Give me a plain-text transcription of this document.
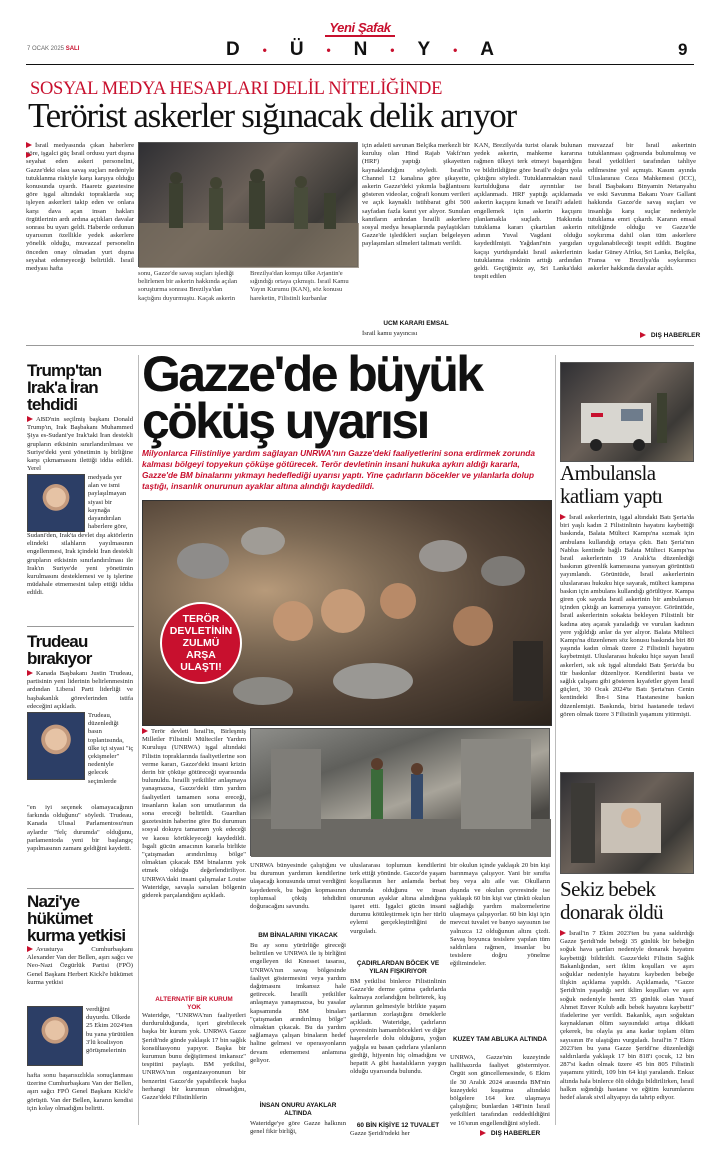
7 OCAK 2025 SALI
Yeni Şafak
D • Ü • N • Y • A	9
SOSYAL MEDYA HESAPLARI DELİL NİTELİĞİNDE
Terörist askerler sığınacak delik arıyor
İsrail medyasında çıkan haberlere göre, işgalci güç İsrail ordusu yurt dışına seyahat eden askeri personelini, Gazze'deki olası savaş suçları nedeniyle tutuklanma riskiyle karşı karşıya olduğu konusunda uyardı. Haaretz gazetesine göre işgal altındaki topraklarda suç işleyen askerleri takip eden ve onlara karşı dava açan insan hakları örgütlerinin ardı ardına açtıkları davalar sonrası bu uyarı geldi. Haberde ordunun uyarısının özellikle yedek askerlere yönelik olduğu, muvazzaf personelin önceden onay olmadan yurt dışına seyahat edemeyeceği belirtildi. İsrail medyası hafta
sonu, Gazze'de savaş suçları işlediği belirlenen bir askerin hakkında açılan soruşturma sonrası Brezilya'dan kaçtığını duyurmuştu. Kaçak askerin
Brezilya'dan komşu ülke Arjantin'e sığındığı ortaya çıkmıştı. İsrail Kamu Yayın Kurumu (KAN), söz konusu hareketin, Filistinli kurbanlar
için adaleti savunan Belçika merkezli bir kuruluş olan Hind Rajab Vakfı'nın (HRF) yaptığı şikayetten kaynaklandığını söyledi. İsrail'in Channel 12 kanalına göre şikayette, askerin Gazze'deki yıkımla bağlantısını gösteren videolar, coğrafi konum verileri ve açık kaynaklı istihbarat gibi 500 sayfadan fazla kanıt yer alıyor. Sunulan kanıtların ardından İsrailli askerlere sosyal medya hesaplarında paylaştıkları Gazze'de işledikleri suçları belgeleyen paylaşımları silmeleri talimatı verildi.
UCM KARARI EMSAL
İsrail kamu yayıncısı
KAN, Brezilya'da turist olarak bulunan yedek askerin, mahkeme kararına rağmen ülkeyi terk etmeyi başardığını ve bildirildiğine göre İsrail'e doğru yola çıktığını söyledi. Tutuklanmaktan nasıl kurtulduğuna dair ayrıntılar ise açıklanmadı. HRF yaptığı açıklamada askerin kaçışını kınadı ve İsrail'i adaleti engellemek için askerin kaçışını planlamakla suçladı. Hakkında tutuklama kararı çıkartılan askerin adının Yuval Vagdani olduğu kaydedilmişti. Yağdani'nin yargıdan kaçışı yurtdışındaki İsrail askerlerinin tutuklanma riskinin arttığı ardından geldi. Geçtiğimiz ay, Sri Lanka'daki tespit edilen
muvazzaf bir İsrail askerinin tutuklanması çağrısında bulunulmuş ve İsrail yetkilileri tarafından tahliye edilmesine yol açmıştı. Kasım ayında Uluslararası Ceza Mahkemesi (ICC), İsrail Başbakanı Binyamin Netanyahu ve eski Savunma Bakanı Yoav Gallant hakkında Gazze'de savaş suçları ve insanlığa karşı suçlar nedeniyle tutuklama emri çıkardı. Kararın emsal niteliğinde olduğu ve Gazze'de soykırıma dahil olan tüm askerlere uygulanabileceği tespit edildi. Bugüne kadar Güney Afrika, Sri Lanka, Belçika, Fransa ve Brezilya'da soykırımcı askerler hakkında davalar açıldı.
DIŞ HABERLER
Trump'tan Irak'a İran tehdidi
ABD'nin seçilmiş başkanı Donald Trump'ın, Irak Başbakanı Muhammed Şiya es-Sudani'ye Irak'taki İran destekli grupların etkisinin sınırlandırılması ve Suriye'deki yeni yönetimin iş birliğine karşı çıkmamasını ilettiği iddia edildi. Yerel
medyada yer alan ve ismi paylaşılmayan siyasi bir kaynağa dayandırılan haberlere göre,
Sudani'den, Irak'ta devlet dışı aktörlerin elindeki silahların yayılmasının engellenmesi, Irak içindeki İran destekli grupların etkisinin sınırlandırılması ile Irak'ın Suriye'de yeni yönetimin kurulmasını desteklemesi ve iş işlerine müdahale etmemesini talep ettiği iddia edildi.
Trudeau bırakıyor
Kanada Başbakanı Justin Trudeau, partisinin yeni liderinin belirlenmesinin ardından Liberal Parti liderliği ve başbakanlık görevlerinden istifa edeceğini açıkladı.
Trudeau, düzenlediği basın toplantısında, ülke içi siyasi "iç çekişmeler" nedeniyle gelecek seçimlerde
"en iyi seçenek olamayacağının farkında olduğunu" söyledi. Trudeau, Kanada Ulusal Parlamentosu'nun aylardır "felç durumda" olduğunu, parlamentoda yeni bir başlangıç yapılmasının zamanı geldiğini kaydetti.
Nazi'ye hükümet kurma yetkisi
Avusturya Cumhurbaşkanı Alexander Van der Bellen, aşırı sağcı ve Neo-Nazi Özgürlük Partisi (FPÖ) Genel Başkanı Herbert Kickl'e hükümet kurma yetkisi
verdiğini duyurdu. Ülkede 25 Ekim 2024'ten bu yana yürütülen 3'lü koalisyon görüşmelerinin
hafta sonu başarısızlıkla sonuçlanması üzerine Cumhurbaşkanı Van der Bellen, aşırı sağcı FPÖ Genel Başkanı Kickl'e görüştü. Van der Bellen, kararın kendisi için kolay olmadığını belirtti.
Gazze'de büyük
çöküş uyarısı
Milyonlarca Filistinliye yardım sağlayan UNRWA'nın Gazze'deki faaliyetlerini sona erdirmek zorunda kalması bölgeyi topyekun çöküşe götürecek. Terör devletinin insani hukuka aykırı aldığı kararla, Gazze'de BM binalarını yıkmayı hedeflediği uyarısı yaptı. Yine çadırların böcekler ve yılanlarla dolup taştığı, insanlık onurunun ayaklar altına alındığı kaydedildi.
TERÖR DEVLETİNİN ZULMÜ ARŞA ULAŞTI!
Terör devleti İsrail'in, Birleşmiş Milletler Filistinli Mülteciler Yardım Kuruluşu (UNRWA) işgal altındaki Filistin topraklarında faaliyetlerine son verme kararı, Gazze'deki insani krizin derin bir çöküşe götüreceği uyarısında bulunuldu. İsrailli yetkililer anlaşmaya yanaşmazsa, Gazze'deki tüm yardım faaliyetleri tamamen sona ereceği, insanların kalan son umutlarının da sona ereceği belirtildi. Guardian gazetesinin haberine göre Bu durumun sosyal dokuyu tamamen yok edeceği ve kaosu körükleyeceği kaydedildi. İsgali gücün amacının kararla birlikte "çatışmadan arındırılmış bölge" olmaktan çıkacak BM binalarını yok etmek olduğu değerlendiriliyor. UNRWA'daki insani çalışmalar Louise Wateridge, savaşla sarsılan bölgenin giderek parçalandığını açıkladı.
ALTERNATİF BİR KURUM YOK
Wateridge, "UNRWA'nın faaliyetleri durdurulduğunda, içeri girebilecek başka bir kurum yok. UNRWA Gazze Şeridi'nde günde yaklaşık 17 bin sağlık konsültasyonu yapıyor. Başka bir kurumun bunu değiştirmesi imkansız" tespitini paylaştı. BM yetkilisi, UNRWA'nın organizasyonunun bir benzerini Gazze'de yapabilecek başka herhangi bir kurumun olmadığını, Gazze'deki Filistinlilerin
UNRWA bünyesinde çalıştığını ve bu durumun yardımın kendilerine ulaşacağı konusunda umut verdiğini kaydederek, bu bağın kopmasının toplumsal çöküş tehdidini doğuracağını savundu.
BM BİNALARINI YIKACAK
Bu ay sonu yürürlüğe gireceği belirtilen ve UNRWA ile iş birliğini engelleyen iki Knesset tasarısı, UNRWA'nın savaş bölgesinde faaliyet göstermesini veya yardım dağıtmasını imkansız hale getirecek. İsrailli yetkililer anlaşmaya yanaşmazsa, bu yasalar kapsamında BM binaları "çatışmadan arındırılmış bölge" olmaktan çıkacak. Bu da yardım sağlamaya çalışan binaların hedef haline gelmesi ve operasyonların devam edememesi anlamına geliyor.
İNSAN ONURU AYAKLAR ALTINDA
Wateridge'ye göre Gazze halkının genel fikir birliği,
uluslararası toplumun kendilerini terk ettiği yönünde. Gazze'de yaşam koşullarının her anlamda berbat durumda olduğunu ve insan onurunun ayaklar altına alındığına işaret etti. İşgalci gücün insani durumu kötüleştirmek için her türlü eylemi gerçekleştirdiğini de vurguladı.
ÇADIRLARDAN BÖCEK VE YILAN FIŞKIRIYOR
BM yetkilisi binlerce Filistinlinin Gazze'de derme çatma çadırlarda kalmaya zorlandığını belirterek, kış aylarının gelmesiyle birlikte yaşam şartlarının zorlaştığını örneklerle açıkladı. Wateridge, çadırların çevresinin hamamböcekleri ve diğer haşerelerle dolu olduğunu, yoğun yağışla su basan çadırlara yılanların girdiği, hijyenin hiç olmadığını ve hepatit A gibi hastalıkların yaygın olduğu uyarısında bulundu.
60 BİN KİŞİYE 12 TUVALET
Gazze Şeridi'ndeki her
bir okulun içinde yaklaşık 20 bin kişi barınmaya çalışıyor. Yani bir sınıfta beş veya altı aile var. Okulların dışında ve okulun çevresinde ise yaklaşık 60 bin kişi var çünkü okulun sağladığı yardım malzemelerine ulaşmaya çalışıyorlar. 60 bin kişi için mevcut tuvalet ve banyo sayısının ise yalnızca 12 olduğunun altını çizdi. Savaş boyunca tesislere yapılan tüm saldırılara rağmen, insanlar bu tesislere doğru yönelme eğilimindeler.
KUZEY TAM ABLUKA ALTINDA
UNRWA, Gazze'nin kuzeyinde hallihazırda faaliyet göstermiyor. Örgüt son güncellemesinde, 6 Ekim ile 30 Aralık 2024 arasında BM'nin kuzeydeki kuşatma altındaki bölgelere 164 kez ulaşmaya çalıştığını; bunlardan 148'inin İsrail yetkilileri tarafından reddedildiğini ve 16'sının engellendiğini söyledi.
DIŞ HABERLER
Ambulansla
katliam yaptı
İsrail askerlerinin, işgal altındaki Batı Şeria'da biri yaşlı kadın 2 Filistinlinin hayatını kaybettiği baskında, Balata Mülteci Kampı'na sızmak için ambulans kullandığı ortaya çıktı. Batı Şeria'nın Nablus kentinde bağlı Balata Mülteci Kampı'na İsrail askerlerinin 19 Aralık'ta düzenlediği baskının güvenlik kamerasına yansıyan görüntüsü yayımlandı. Görüntüde, İsrail askerlerinin uluslararası hukuku hiçe sayarak, mülteci kampına baskın için ambulans kullandığı görülüyor. Kampa giren çok sayıda İsrail askerinin bir ambulansın içinden çıktığı an kameraya yansıyor. Görüntüde, İsrail askerlerinin sokakta bekleyen Filistinli bir kadına ateş açarak yaraladığı ve vurulan kadının yere yığıldığı anlar da yer alıyor. Balata Mülteci Kampı'na düzenlenen söz konusu baskında biri 80 yaşında kadın olmak üzere 2 Filistinli hayatını kaybetmişti. Uluslararası hukuku hiçe sayan İsrail askerleri, sık sık işgal altındaki Batı Şeria'da bu tür baskınlar düzenliyor. Kendilerini basta ve sağlık çalışanı gibi gösteren kıyafetler giyen İsrail güçleri, 30 Ocak 2024'te Batı Şeria'nın Cenin kentindeki İbn-i Sina Hastanesine baskın düzenlemişti. Baskında, birisi hastanede tedavi gören olmak üzere 3 Filistinli yaşamını yitirmişti.
Sekiz bebek
donarak öldü
İsrail'in 7 Ekim 2023'ten bu yana saldırdığı Gazze Şeridi'nde bebeği 35 günlük bir bebeğin soğuk hava şartları nedeniyle donarak hayatını kaybettiği bildirildi. Gazze'deki Filistin Sağlık Bakanlığından, sert iklim koşulları ve aşırı soğuklar nedeniyle hayatını kaybeden bebeğe ilişkin açıklama yapıldı. Açıklamada, "Gazze Şeridi'nin yaşadığı sert iklim koşulları ve aşırı soğuk nedeniyle henüz 35 günlük olan Yusuf Ahmet Enver Kulub adlı bebek hayatını kaybetti" ifadelerine yer verildi. Bakanlık, aşırı soğuktan kaynaklanan ölüm sayısındaki artışa dikkati çekerek, bu olayla şu ana kadar toplam ölüm sayısının 8'e ulaştığını vurguladı. İsrail'in 7 Ekim 2023'ten bu yana Gazze Şeridi'ne düzenlediği saldırılarda yaklaşık 17 bin 818'i çocuk, 12 bin 287'si kadın olmak üzere 45 bin 805 Filistinli yaşamını yitirdi, 109 bin 64 kişi yaralandı. Enkaz altında hala binlerce ölü olduğu bildirilirken, İsrail halkın sığındığı hastane ve eğitim kurumlarını hedef alarak sivil altyapıyı da tahrip ediyor.
